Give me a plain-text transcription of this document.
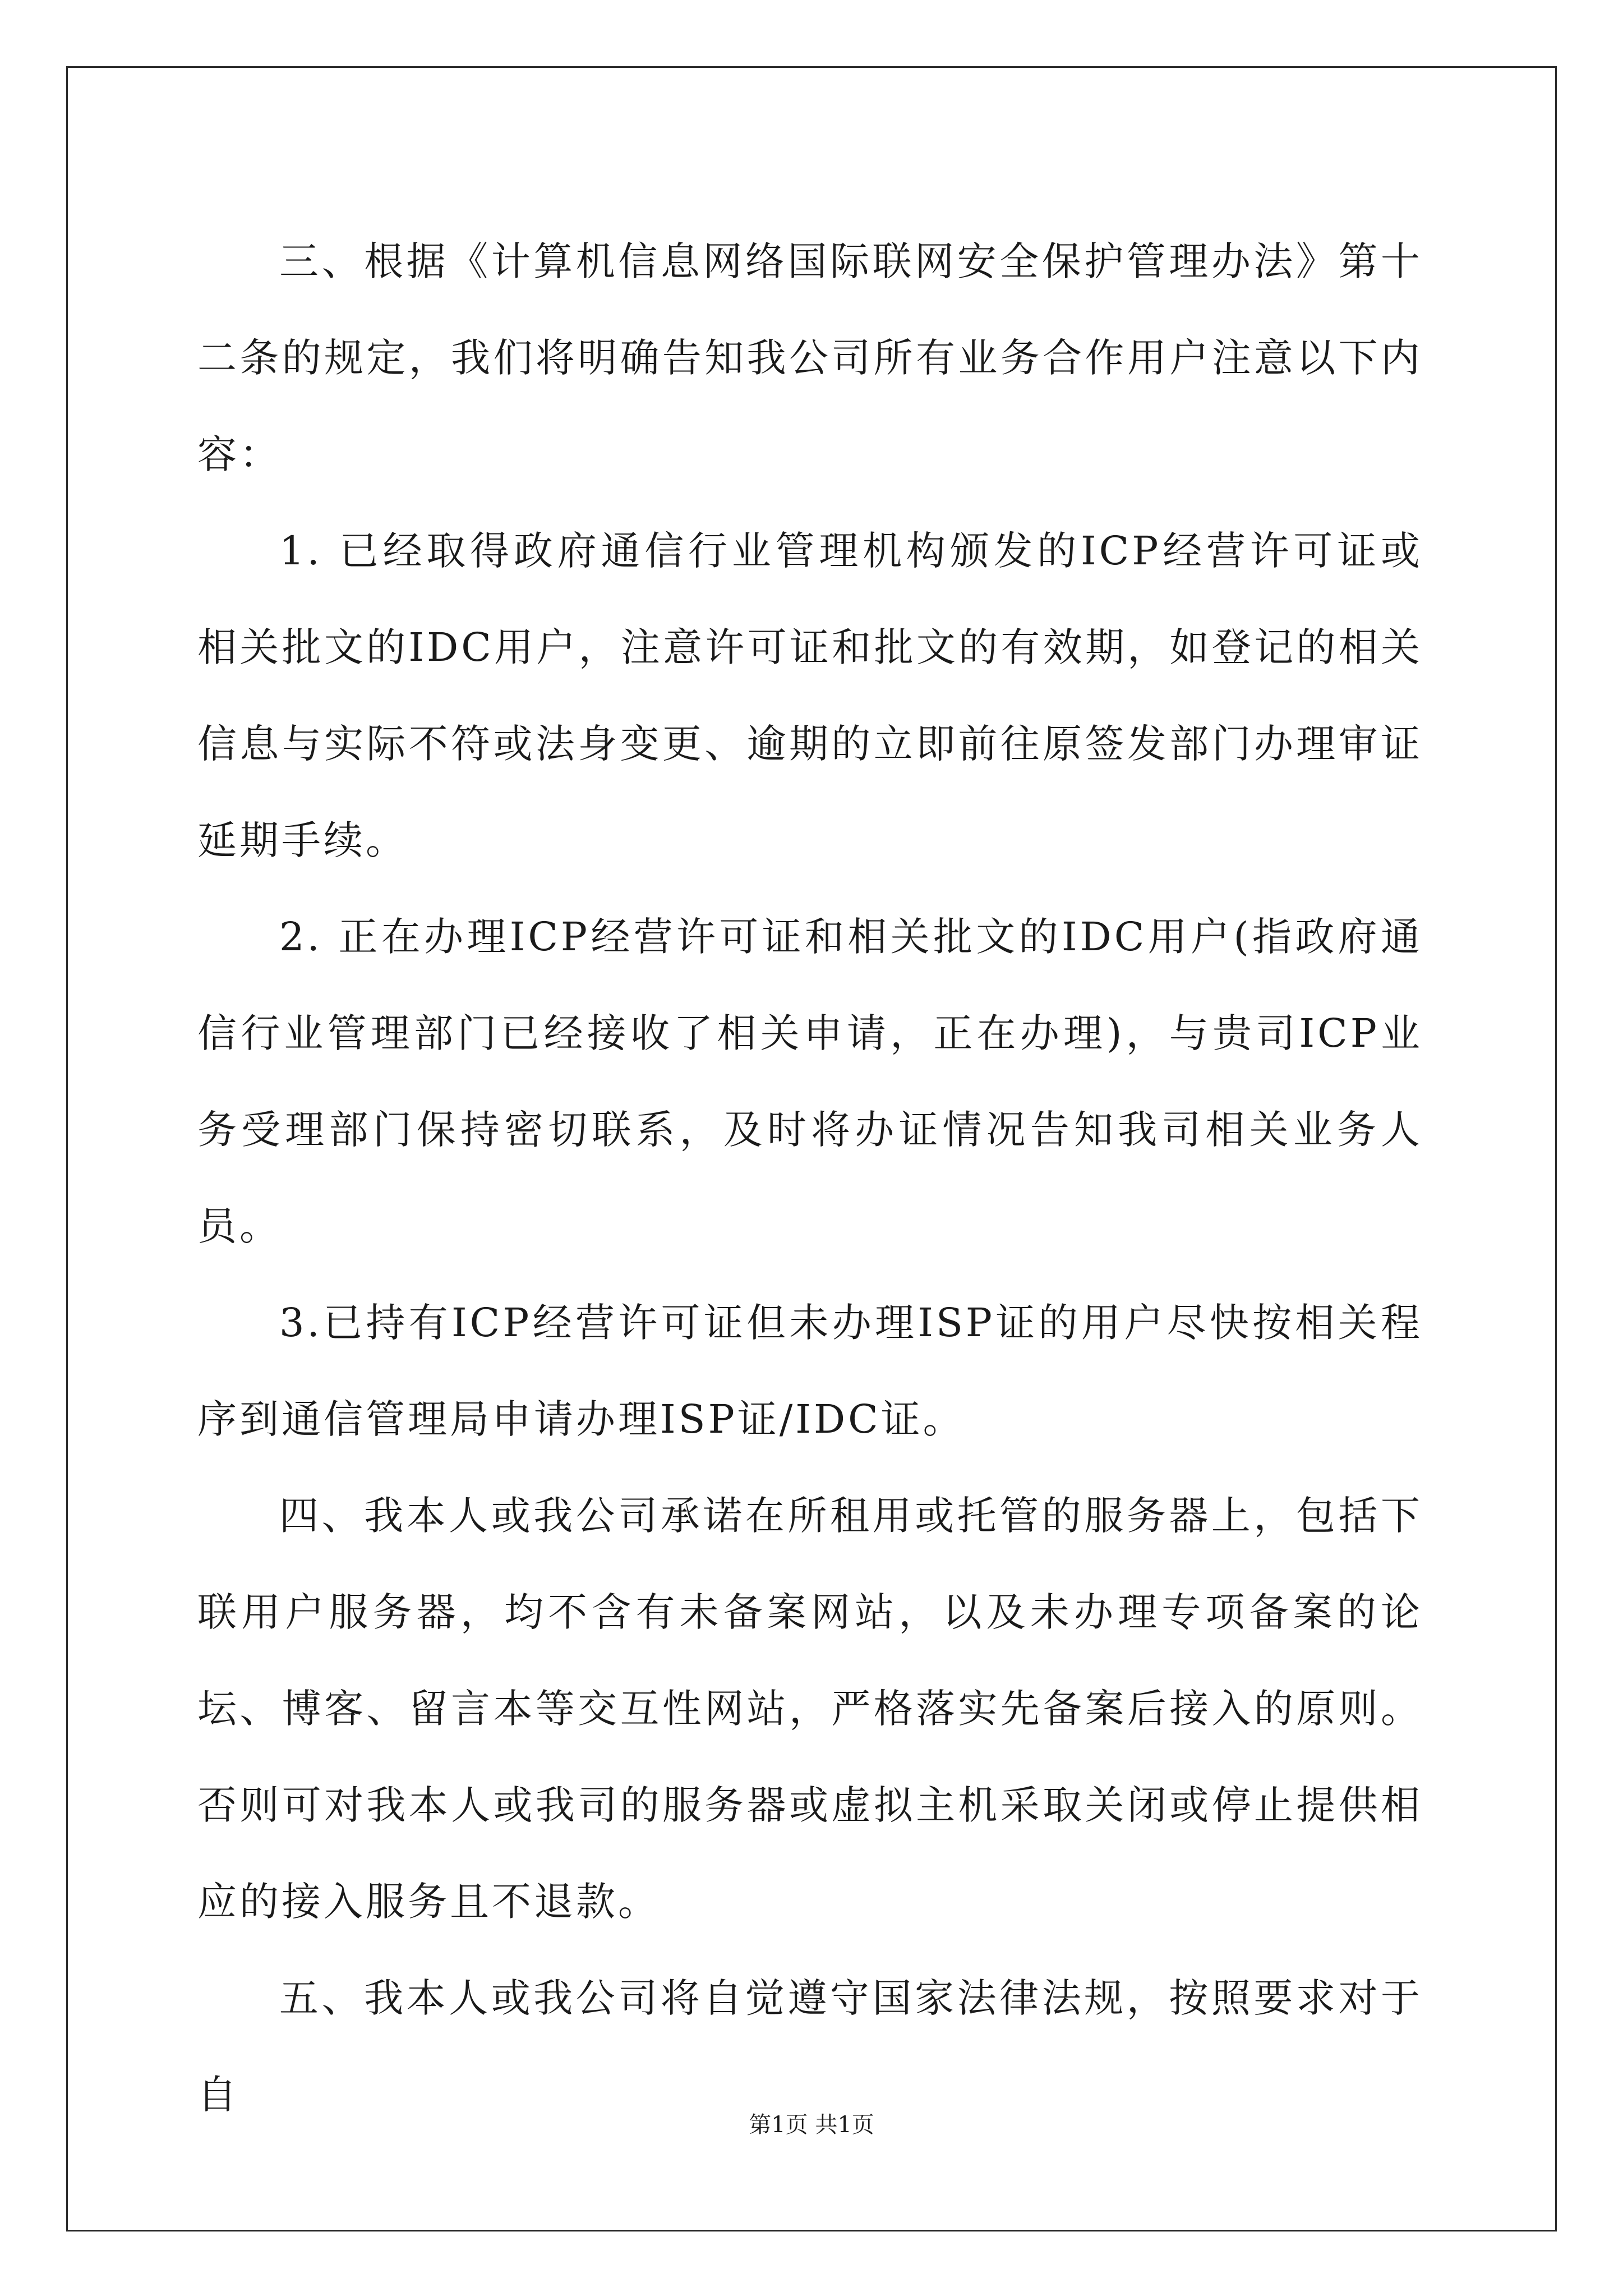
三、根据《计算机信息网络国际联网安全保护管理办法》第十二条的规定，我们将明确告知我公司所有业务合作用户注意以下内容：

1. 已经取得政府通信行业管理机构颁发的ICP经营许可证或相关批文的IDC用户，注意许可证和批文的有效期，如登记的相关信息与实际不符或法身变更、逾期的立即前往原签发部门办理审证延期手续。

2. 正在办理ICP经营许可证和相关批文的IDC用户(指政府通信行业管理部门已经接收了相关申请，正在办理)，与贵司ICP业务受理部门保持密切联系，及时将办证情况告知我司相关业务人员。

3.已持有ICP经营许可证但未办理ISP证的用户尽快按相关程序到通信管理局申请办理ISP证/IDC证。

四、我本人或我公司承诺在所租用或托管的服务器上，包括下联用户服务器，均不含有未备案网站，以及未办理专项备案的论坛、博客、留言本等交互性网站，严格落实先备案后接入的原则。否则可对我本人或我司的服务器或虚拟主机采取关闭或停止提供相应的接入服务且不退款。

五、我本人或我公司将自觉遵守国家法律法规，按照要求对于自

第1页 共1页
